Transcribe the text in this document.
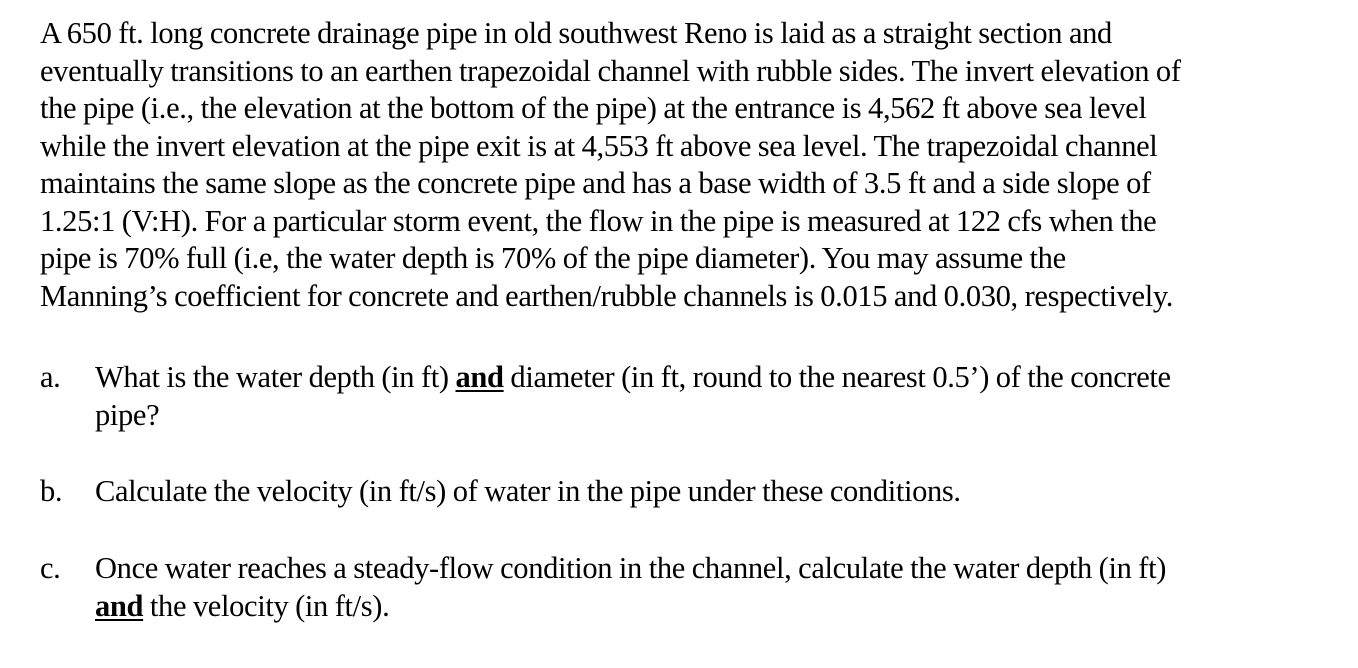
A 650 ft. long concrete drainage pipe in old southwest Reno is laid as a straight section and
eventually transitions to an earthen trapezoidal channel with rubble sides. The invert elevation of
the pipe (i.e., the elevation at the bottom of the pipe) at the entrance is 4,562 ft above sea level
while the invert elevation at the pipe exit is at 4,553 ft above sea level. The trapezoidal channel
maintains the same slope as the concrete pipe and has a base width of 3.5 ft and a side slope of
1.25:1 (V:H). For a particular storm event, the flow in the pipe is measured at 122 cfs when the
pipe is 70% full (i.e, the water depth is 70% of the pipe diameter). You may assume the
Manning’s coefficient for concrete and earthen/rubble channels is 0.015 and 0.030, respectively.
a. What is the water depth (in ft) and diameter (in ft, round to the nearest 0.5’) of the concrete
pipe?
b. Calculate the velocity (in ft/s) of water in the pipe under these conditions.
c. Once water reaches a steady-flow condition in the channel, calculate the water depth (in ft)
and the velocity (in ft/s).
